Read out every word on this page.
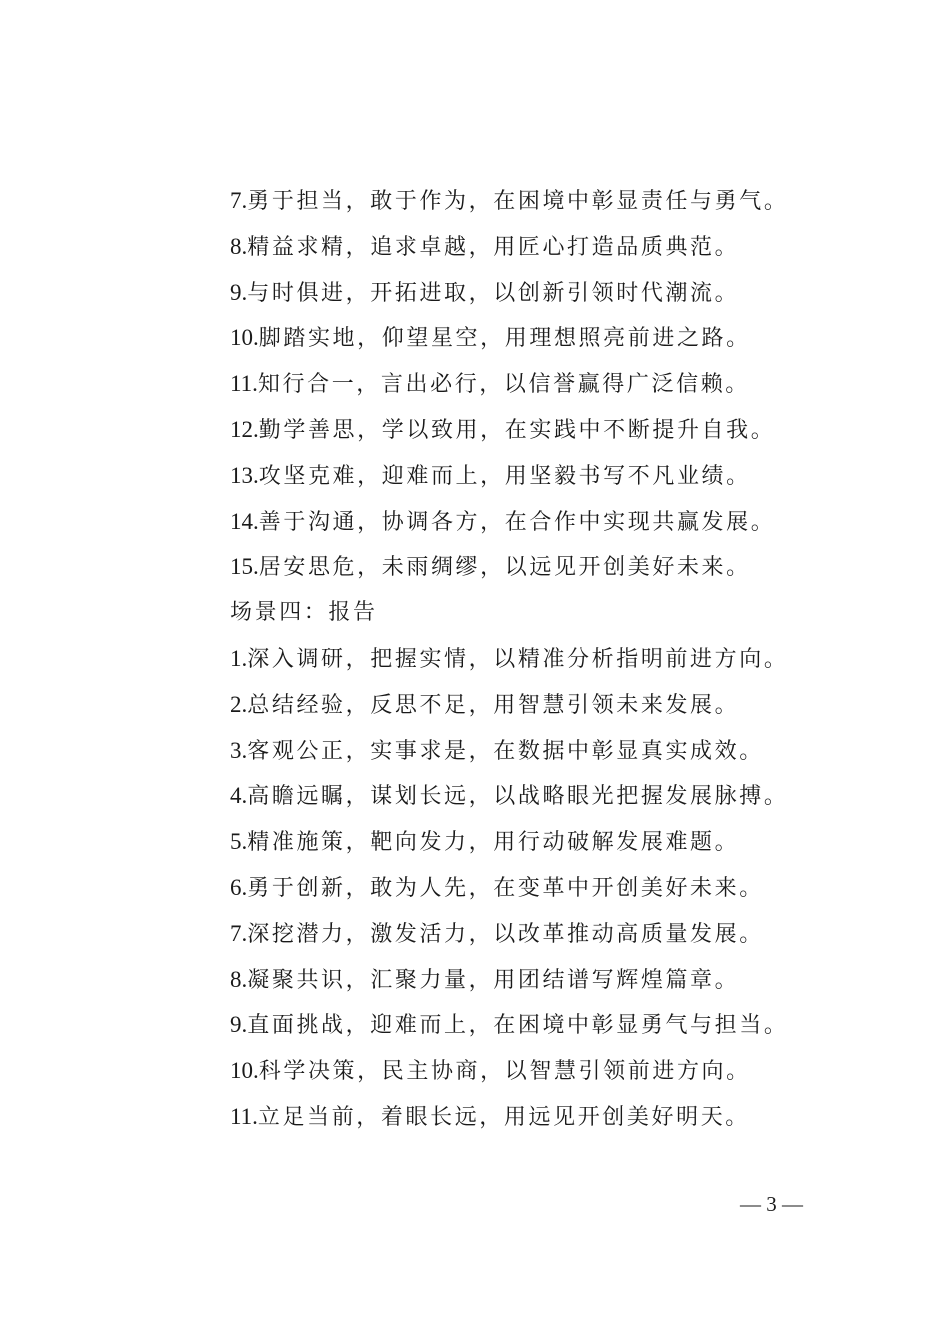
7.勇于担当，敢于作为，在困境中彰显责任与勇气。
8.精益求精，追求卓越，用匠心打造品质典范。
9.与时俱进，开拓进取，以创新引领时代潮流。
10.脚踏实地，仰望星空，用理想照亮前进之路。
11.知行合一，言出必行，以信誉赢得广泛信赖。
12.勤学善思，学以致用，在实践中不断提升自我。
13.攻坚克难，迎难而上，用坚毅书写不凡业绩。
14.善于沟通，协调各方，在合作中实现共赢发展。
15.居安思危，未雨绸缪，以远见开创美好未来。
场景四：报告
1.深入调研，把握实情，以精准分析指明前进方向。
2.总结经验，反思不足，用智慧引领未来发展。
3.客观公正，实事求是，在数据中彰显真实成效。
4.高瞻远瞩，谋划长远，以战略眼光把握发展脉搏。
5.精准施策，靶向发力，用行动破解发展难题。
6.勇于创新，敢为人先，在变革中开创美好未来。
7.深挖潜力，激发活力，以改革推动高质量发展。
8.凝聚共识，汇聚力量，用团结谱写辉煌篇章。
9.直面挑战，迎难而上，在困境中彰显勇气与担当。
10.科学决策，民主协商，以智慧引领前进方向。
11.立足当前，着眼长远，用远见开创美好明天。
— 3 —
